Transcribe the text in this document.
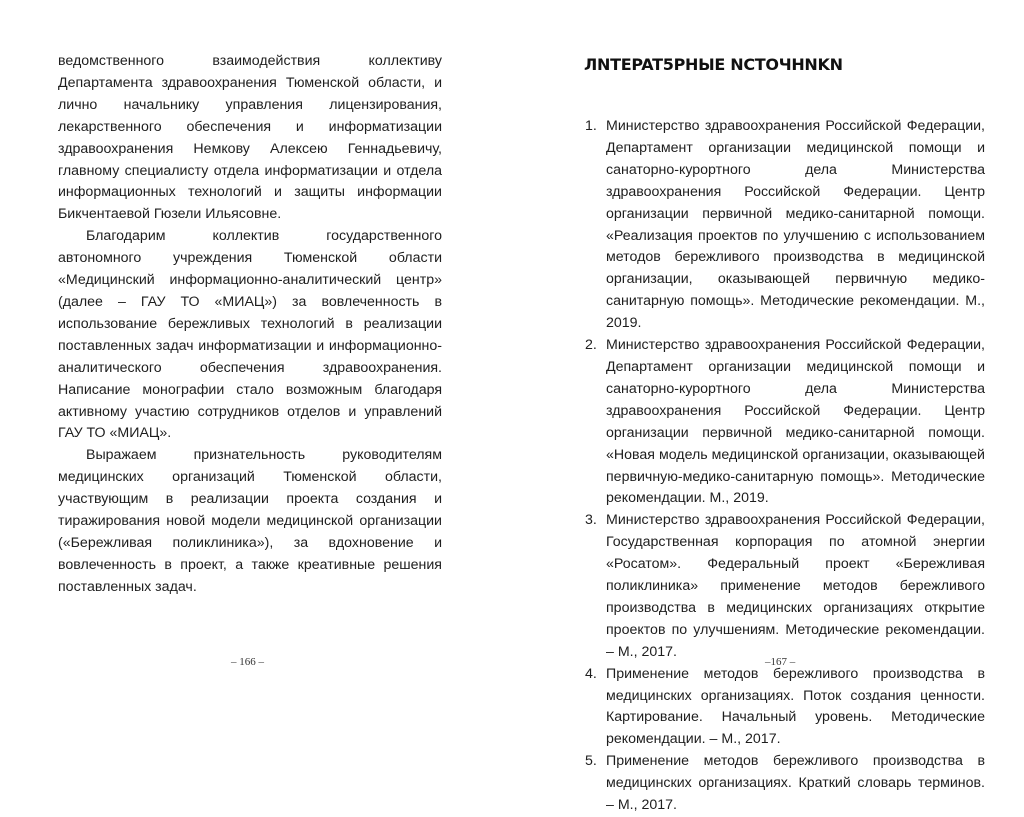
ведомственного взаимодействия коллективу Департамента здравоохранения Тюменской области, и лично начальнику управления лицензирования, лекарственного обеспечения и информатизации здравоохранения Немкову Алексею Геннадьевичу, главному специалисту отдела информатизации и отдела информационных технологий и защиты информации Бикчентаевой Гюзели Ильясовне.

Благодарим коллектив государственного автономного учреждения Тюменской области «Медицинский информационно-аналитический центр» (далее – ГАУ ТО «МИАЦ») за вовлеченность в использование бережливых технологий в реализации поставленных задач информатизации и информационно-аналитического обеспечения здравоохранения. Написание монографии стало возможным благодаря активному участию сотрудников отделов и управлений ГАУ ТО «МИАЦ».

Выражаем признательность руководителям медицинских организаций Тюменской области, участвующим в реализации проекта создания и тиражирования новой модели медицинской организации («Бережливая поликлиника»), за вдохновение и вовлеченность в проект, а также креативные решения поставленных задач.

– 166 –
ЛNTEPAT5PHЫE NCTOЧHNKN
1. Министерство здравоохранения Российской Федерации, Департамент организации медицинской помощи и санаторно-курортного дела Министерства здравоохранения Российской Федерации. Центр организации первичной медико-санитарной помощи. «Реализация проектов по улучшению с использованием методов бережливого производства в медицинской организации, оказывающей первичную медико-санитарную помощь». Методические рекомендации. М., 2019.
2. Министерство здравоохранения Российской Федерации, Департамент организации медицинской помощи и санаторно-курортного дела Министерства здравоохранения Российской Федерации. Центр организации первичной медико-санитарной помощи. «Новая модель медицинской организации, оказывающей первичную-медико-санитарную помощь». Методические рекомендации. М., 2019.
3. Министерство здравоохранения Российской Федерации, Государственная корпорация по атомной энергии «Росатом». Федеральный проект «Бережливая поликлиника» применение методов бережливого производства в медицинских организациях открытие проектов по улучшениям. Методические рекомендации. – М., 2017.
4. Применение методов бережливого производства в медицинских организациях. Поток создания ценности. Картирование. Начальный уровень. Методические рекомендации. – М., 2017.
5. Применение методов бережливого производства в медицинских организациях. Краткий словарь терминов. – М., 2017.
–167 –
